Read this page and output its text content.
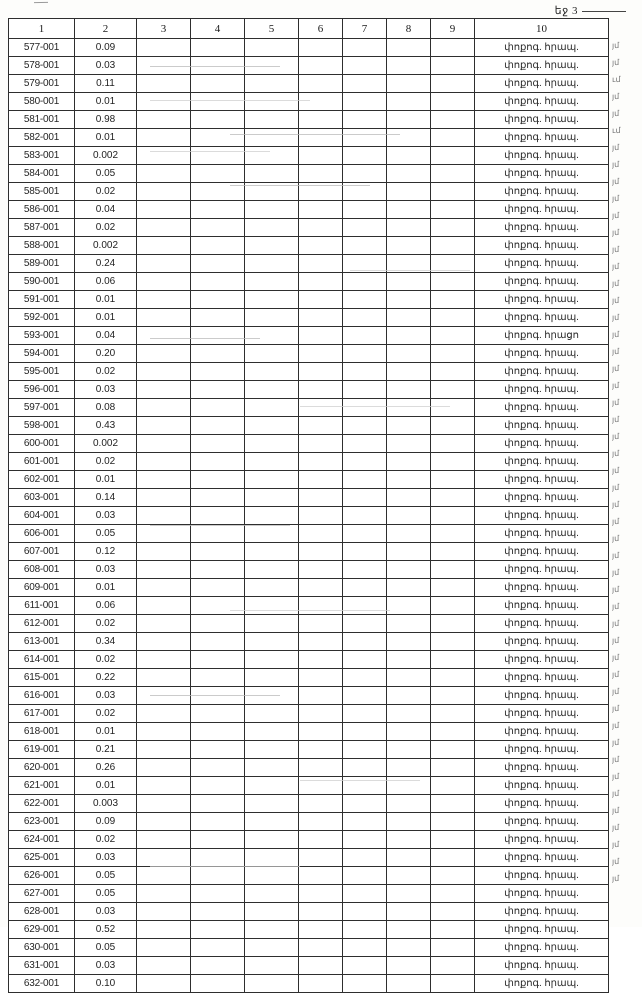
եջ 3
1	2	3	4	5	6	7	8	9	10
577-001	0.09								փոքոգ. հրապ.
578-001	0.03								փոքոգ. հրապ.
579-001	0.11								փոքոգ. հրապ.
580-001	0.01								փոքոգ. հրապ.
581-001	0.98								փոքոգ. հրապ.
582-001	0.01								փոքոգ. հրապ.
583-001	0.002								փոքոգ. հրապ.
584-001	0.05								փոքոգ. հրապ.
585-001	0.02								փոքոգ. հրապ.
586-001	0.04								փոքոգ. հրապ.
587-001	0.02								փոքոգ. հրապ.
588-001	0.002								փոքոգ. հրապ.
589-001	0.24								փոքոգ. հրապ.
590-001	0.06								փոքոգ. հրապ.
591-001	0.01								փոքոգ. հրապ.
592-001	0.01								փոքոգ. հրապ.
593-001	0.04								փոքոգ. հրացո
594-001	0.20								փոքոգ. հրապ.
595-001	0.02								փոքոգ. հրապ.
596-001	0.03								փոքոգ. հրապ.
597-001	0.08								փոքոգ. հրապ.
598-001	0.43								փոքոգ. հրապ.
600-001	0.002								փոքոգ. հրապ.
601-001	0.02								փոքոգ. հրապ.
602-001	0.01								փոքոգ. հրապ.
603-001	0.14								փոքոգ. հրապ.
604-001	0.03								փոքոգ. հրապ.
606-001	0.05								փոքոգ. հրապ.
607-001	0.12								փոքոգ. հրապ.
608-001	0.03								փոքոգ. հրապ.
609-001	0.01								փոքոգ. հրապ.
611-001	0.06								փոքոգ. հրապ.
612-001	0.02								փոքոգ. հրապ.
613-001	0.34								փոքոգ. հրապ.
614-001	0.02								փոքոգ. հրապ.
615-001	0.22								փոքոգ. հրապ.
616-001	0.03								փոքոգ. հրապ.
617-001	0.02								փոքոգ. հրապ.
618-001	0.01								փոքոգ. հրապ.
619-001	0.21								փոքոգ. հրապ.
620-001	0.26								փոքոգ. հրապ.
621-001	0.01								փոքոգ. հրապ.
622-001	0.003								փոքոգ. հրապ.
623-001	0.09								փոքոգ. հրապ.
624-001	0.02								փոքոգ. հրապ.
625-001	0.03								փոքոգ. հրապ.
626-001	0.05								փոքոգ. հրապ.
627-001	0.05								փոքոգ. հրապ.
628-001	0.03								փոքոգ. հրապ.
629-001	0.52								փոքոգ. հրապ.
630-001	0.05								փոքոգ. հրապ.
631-001	0.03								փոքոգ. հրապ.
632-001	0.10								փոքոգ. հրապ.
յմ
յմ
ւմ
յմ
յմ
ւմ
յմ
յմ
յմ
յմ
յմ
յմ
յմ
յմ
յմ
յմ
յմ
յմ
յմ
յմ
յմ
յմ
յմ
յմ
յմ
յմ
յմ
յմ
յմ
յմ
յմ
յմ
յմ
յմ
յմ
յմ
յմ
յմ
յմ
յմ
յմ
յմ
յմ
յմ
յմ
յմ
յմ
յմ
յմ
յմ
